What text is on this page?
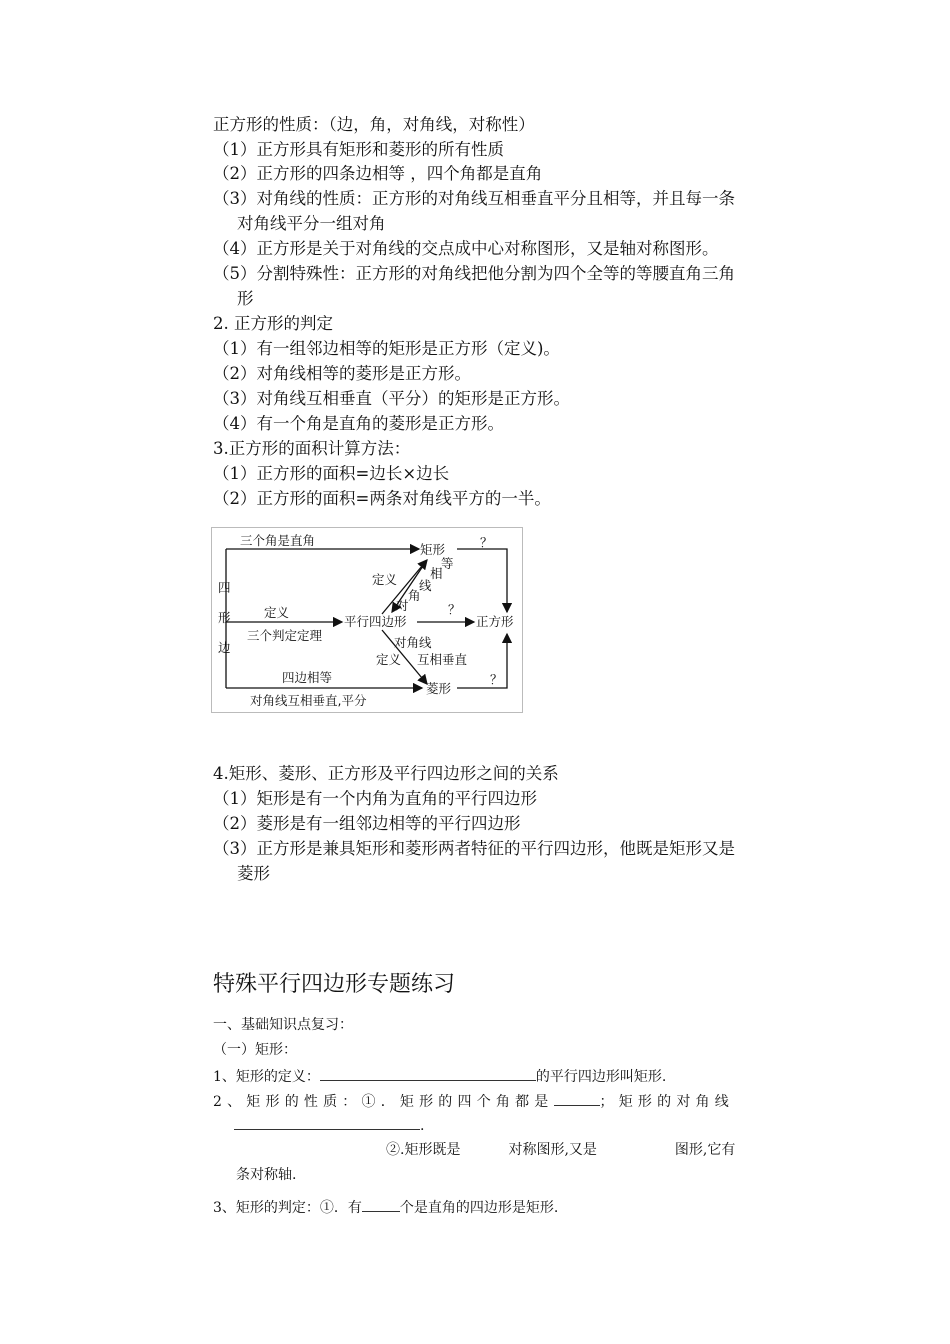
正方形的性质：（边，角，对角线，对称性）
（1）正方形具有矩形和菱形的所有性质
（2）正方形的四条边相等 ，四个角都是直角
（3）对角线的性质：正方形的对角线互相垂直平分且相等，并且每一条
对角线平分一组对角
（4）正方形是关于对角线的交点成中心对称图形，又是轴对称图形。
（5）分割特殊性：正方形的对角线把他分割为四个全等的等腰直角三角
形
2. 正方形的判定
（1）有一组邻边相等的矩形是正方形（定义)。
（2）对角线相等的菱形是正方形。
（3）对角线互相垂直（平分）的矩形是正方形。
（4）有一个角是直角的菱形是正方形。
3.正方形的面积计算方法：
（1）正方形的面积=边长×边长
（2）正方形的面积=两条对角线平方的一半。
三个角是直角
矩形	？
四
形
边
定义
三个判定定理
平行四边形	正方形
？
定义
等
相
线
角
对
对角线
定义 互相垂直
四边相等
菱形
？
对角线互相垂直,平分
4.矩形、菱形、正方形及平行四边形之间的关系
（1）矩形是有一个内角为直角的平行四边形
（2）菱形是有一组邻边相等的平行四边形
（3）正方形是兼具矩形和菱形两者特征的平行四边形，他既是矩形又是
菱形
特殊平行四边形专题练习
一、基础知识点复习：
（一）矩形：
1、矩形的定义：	的平行四边形叫矩形.
2、矩形的性质：①．矩形的四个角都是	；矩形的对角线
.
②.矩形既是	对称图形,又是	图形,它有
条对称轴.
3、矩形的判定：①．有	个是直角的四边形是矩形.
